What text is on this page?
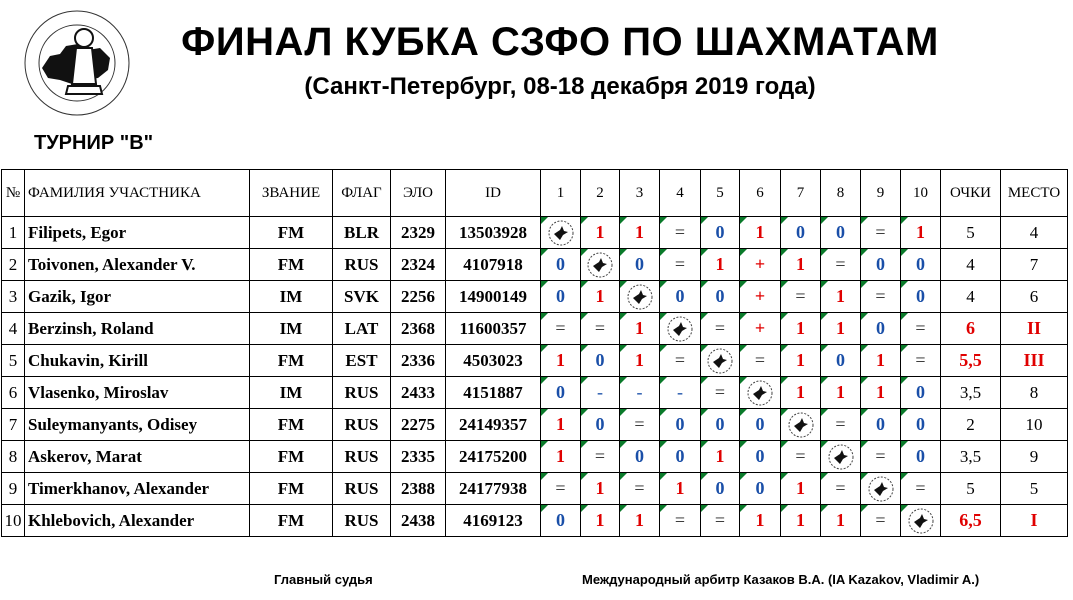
ФИНАЛ КУБКА СЗФО ПО ШАХМАТАМ
(Санкт-Петербург, 08-18 декабря 2019 года)
ТУРНИР "В"
№	ФАМИЛИЯ УЧАСТНИКА	ЗВАНИЕ	ФЛАГ	ЭЛО	ID	1	2	3	4	5	6	7	8	9	10	ОЧКИ	МЕСТО
1	Filipets, Egor	FM	BLR	2329	13503928		1	1	=	0	1	0	0	=	1	5	4
2	Toivonen, Alexander V.	FM	RUS	2324	4107918	0		0	=	1	+	1	=	0	0	4	7
3	Gazik, Igor	IM	SVK	2256	14900149	0	1		0	0	+	=	1	=	0	4	6
4	Berzinsh, Roland	IM	LAT	2368	11600357	=	=	1		=	+	1	1	0	=	6	II
5	Chukavin, Kirill	FM	EST	2336	4503023	1	0	1	=		=	1	0	1	=	5,5	III
6	Vlasenko, Miroslav	IM	RUS	2433	4151887	0	-	-	-	=		1	1	1	0	3,5	8
7	Suleymanyants, Odisey	FM	RUS	2275	24149357	1	0	=	0	0	0		=	0	0	2	10
8	Askerov, Marat	FM	RUS	2335	24175200	1	=	0	0	1	0	=		=	0	3,5	9
9	Timerkhanov, Alexander	FM	RUS	2388	24177938	=	1	=	1	0	0	1	=		=	5	5
10	Khlebovich, Alexander	FM	RUS	2438	4169123	0	1	1	=	=	1	1	1	=		6,5	I
Главный судья	Международный арбитр Казаков В.А. (IA Kazakov, Vladimir A.)
